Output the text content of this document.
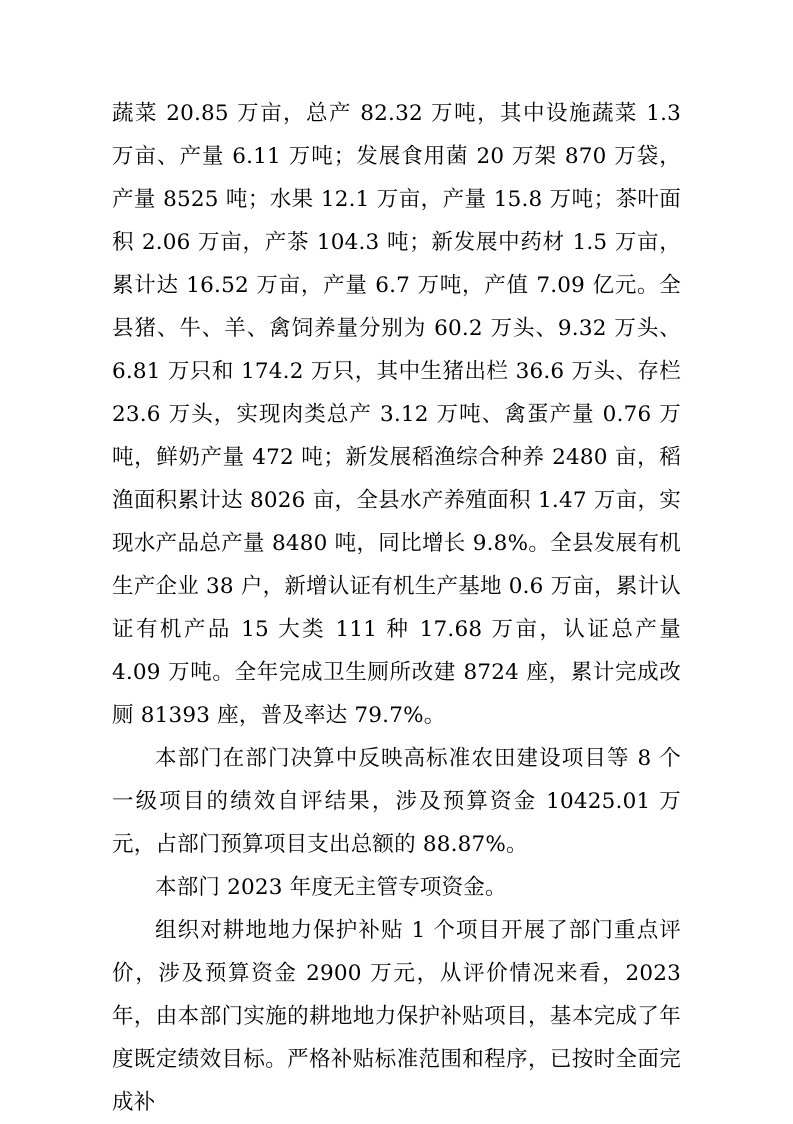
蔬菜 20.85 万亩，总产 82.32 万吨，其中设施蔬菜 1.3 万亩、产量 6.11 万吨；发展食用菌 20 万架 870 万袋，产量 8525 吨；水果 12.1 万亩，产量 15.8 万吨；茶叶面积 2.06 万亩，产茶 104.3 吨；新发展中药材 1.5 万亩，累计达 16.52 万亩，产量 6.7 万吨，产值 7.09 亿元。全县猪、牛、羊、禽饲养量分别为 60.2 万头、9.32 万头、6.81 万只和 174.2 万只，其中生猪出栏 36.6 万头、存栏 23.6 万头，实现肉类总产 3.12 万吨、禽蛋产量 0.76 万吨，鲜奶产量 472 吨；新发展稻渔综合种养 2480 亩，稻渔面积累计达 8026 亩，全县水产养殖面积 1.47 万亩，实现水产品总产量 8480 吨，同比增长 9.8%。全县发展有机生产企业 38 户，新增认证有机生产基地 0.6 万亩，累计认证有机产品 15 大类 111 种 17.68 万亩，认证总产量 4.09 万吨。全年完成卫生厕所改建 8724 座，累计完成改厕 81393 座，普及率达 79.7%。

本部门在部门决算中反映高标准农田建设项目等 8 个一级项目的绩效自评结果，涉及预算资金 10425.01 万元，占部门预算项目支出总额的 88.87%。

本部门 2023 年度无主管专项资金。

组织对耕地地力保护补贴 1 个项目开展了部门重点评价，涉及预算资金 2900 万元，从评价情况来看，2023 年，由本部门实施的耕地地力保护补贴项目，基本完成了年度既定绩效目标。严格补贴标准范围和程序，已按时全面完成补
